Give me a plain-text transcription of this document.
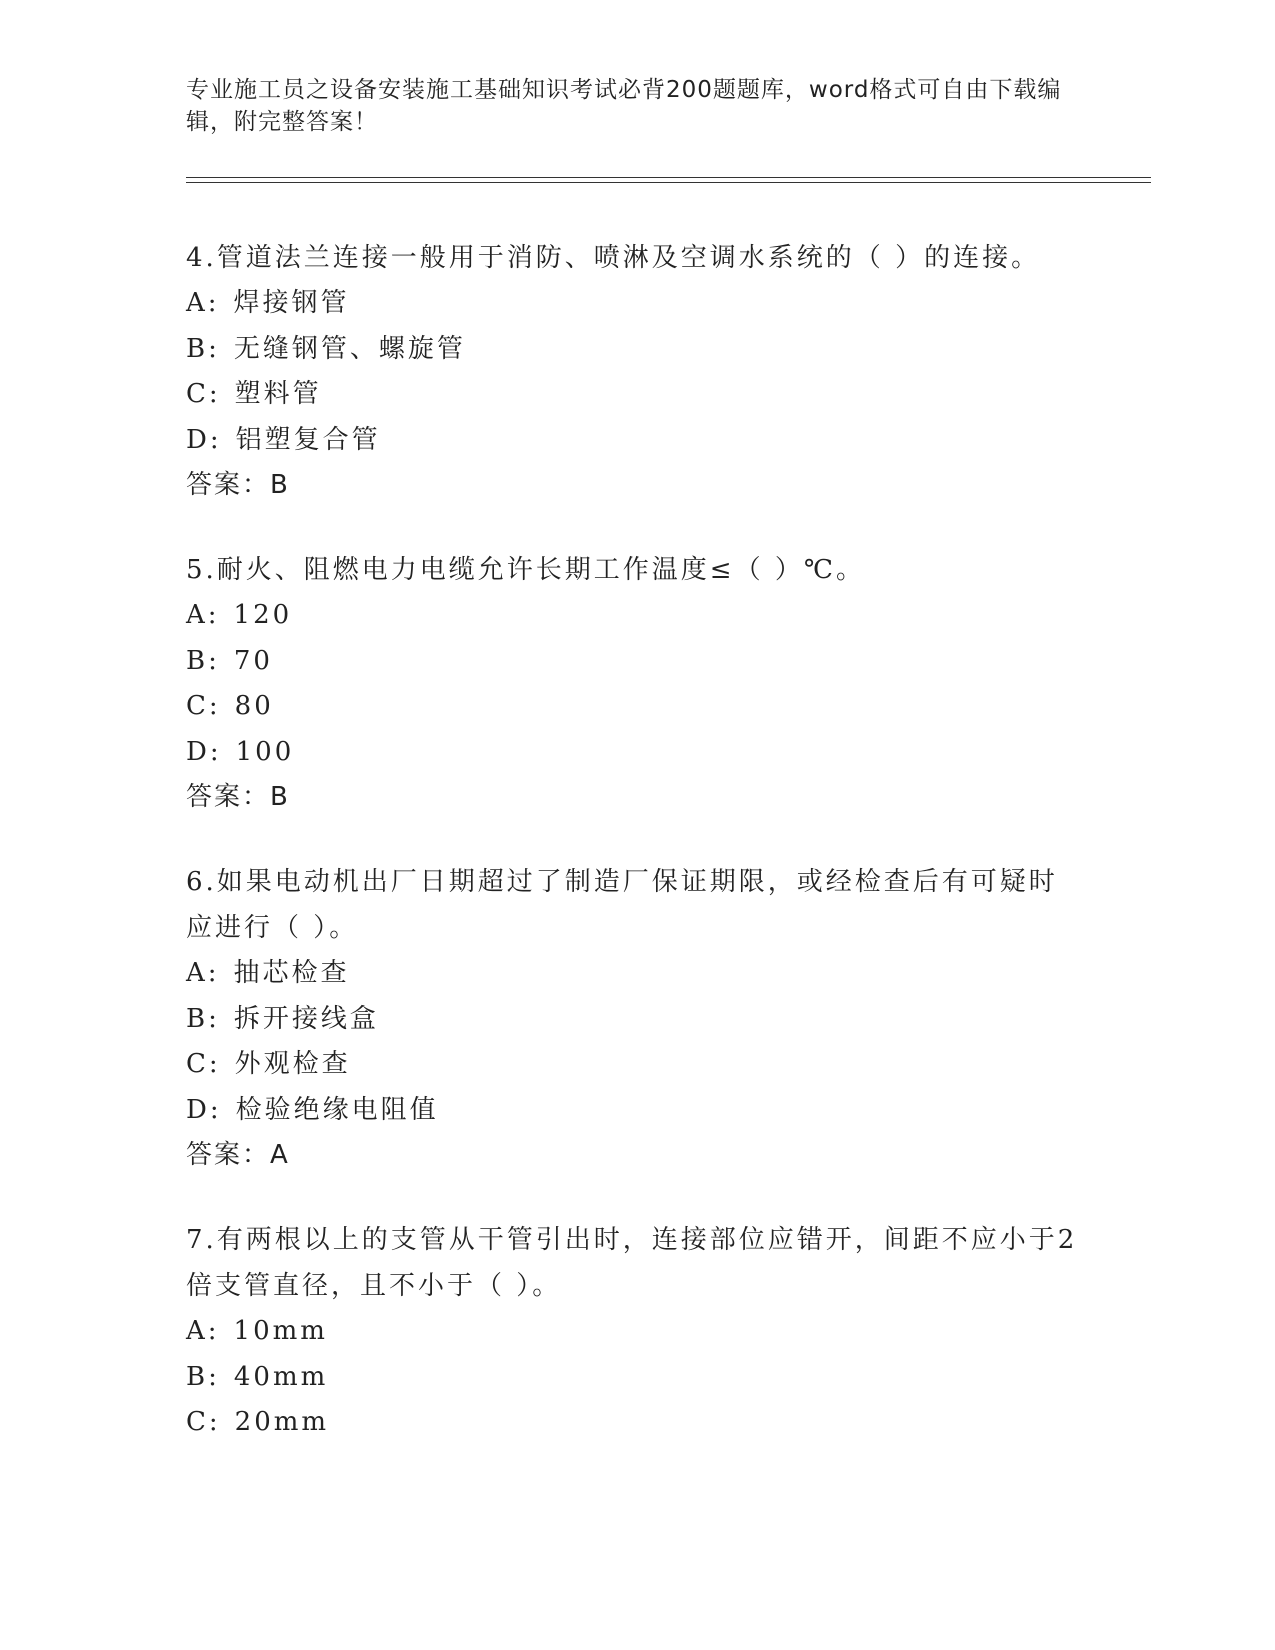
专业施工员之设备安装施工基础知识考试必背200题题库，word格式可自由下载编辑，附完整答案！

4.管道法兰连接一般用于消防、喷淋及空调水系统的（ ）的连接。

A: 焊接钢管

B: 无缝钢管、螺旋管

C: 塑料管

D: 铝塑复合管

答案：B

5.耐火、阻燃电力电缆允许长期工作温度≤（ ）℃。

A: 120

B: 70

C: 80

D: 100

答案：B

6.如果电动机出厂日期超过了制造厂保证期限，或经检查后有可疑时应进行（ ）。

A: 抽芯检查

B: 拆开接线盒

C: 外观检查

D: 检验绝缘电阻值

答案：A

7.有两根以上的支管从干管引出时，连接部位应错开，间距不应小于2倍支管直径，且不小于（ ）。

A: 10mm

B: 40mm

C: 20mm
